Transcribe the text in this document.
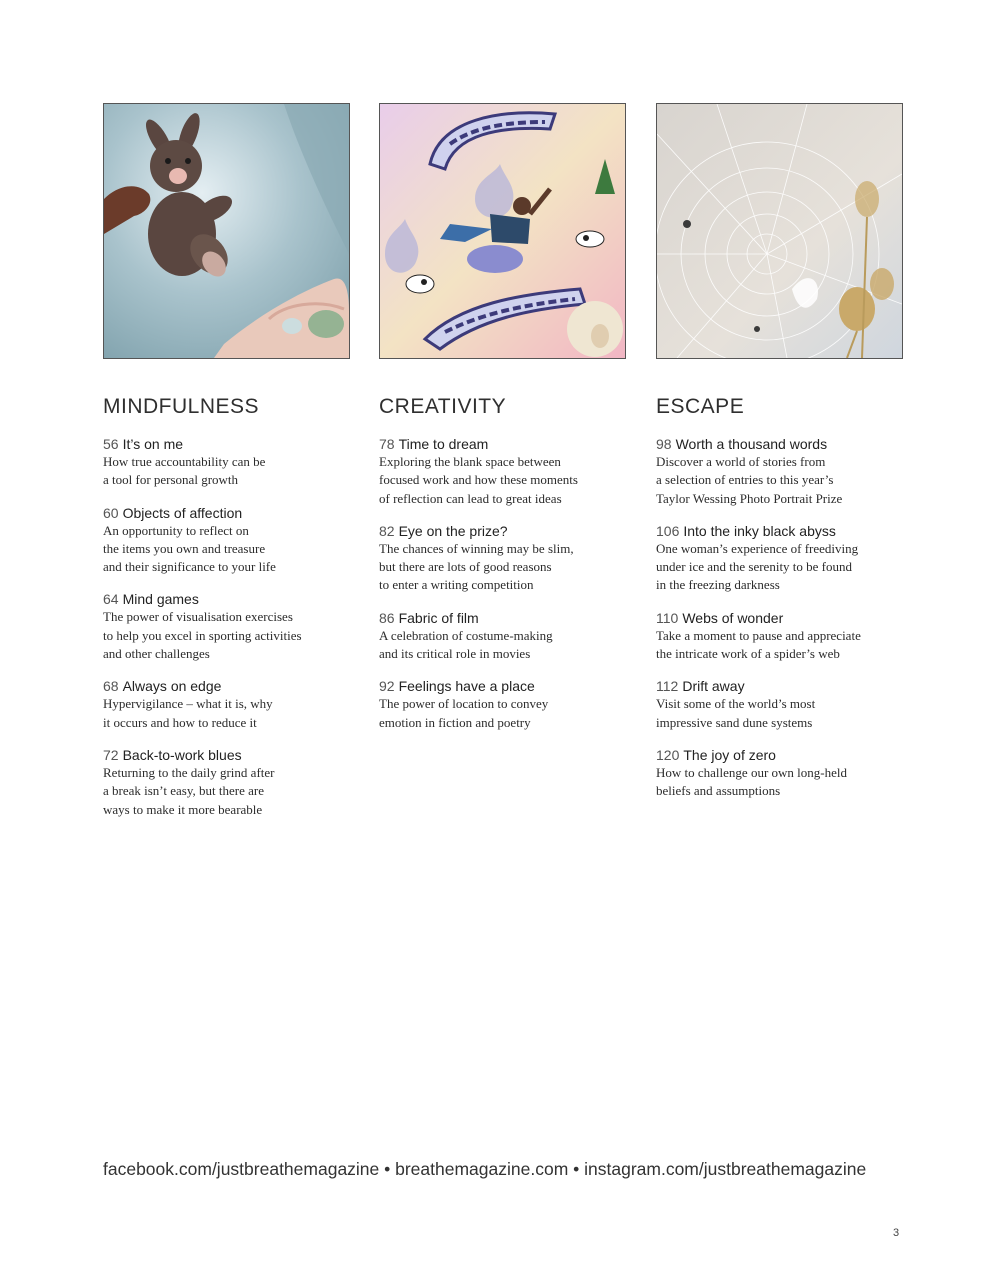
MINDFULNESS
56 It’s on me
How true accountability can be
a tool for personal growth
60 Objects of affection
An opportunity to reflect on
the items you own and treasure
and their significance to your life
64 Mind games
The power of visualisation exercises
to help you excel in sporting activities
and other challenges
68 Always on edge
Hypervigilance – what it is, why
it occurs and how to reduce it
72 Back-to-work blues
Returning to the daily grind after
a break isn’t easy, but there are
ways to make it more bearable
CREATIVITY
78 Time to dream
Exploring the blank space between
focused work and how these moments
of reflection can lead to great ideas
82 Eye on the prize?
The chances of winning may be slim,
but there are lots of good reasons
to enter a writing competition
86 Fabric of film
A celebration of costume-making
and its critical role in movies
92 Feelings have a place
The power of location to convey
emotion in fiction and poetry
ESCAPE
98 Worth a thousand words
Discover a world of stories from
a selection of entries to this year’s
Taylor Wessing Photo Portrait Prize
106 Into the inky black abyss
One woman’s experience of freediving
under ice and the serenity to be found
in the freezing darkness
110 Webs of wonder
Take a moment to pause and appreciate
the intricate work of a spider’s web
112 Drift away
Visit some of the world’s most
impressive sand dune systems
120 The joy of zero
How to challenge our own long-held
beliefs and assumptions
facebook.com/justbreathemagazine • breathemagazine.com • instagram.com/justbreathemagazine
3
